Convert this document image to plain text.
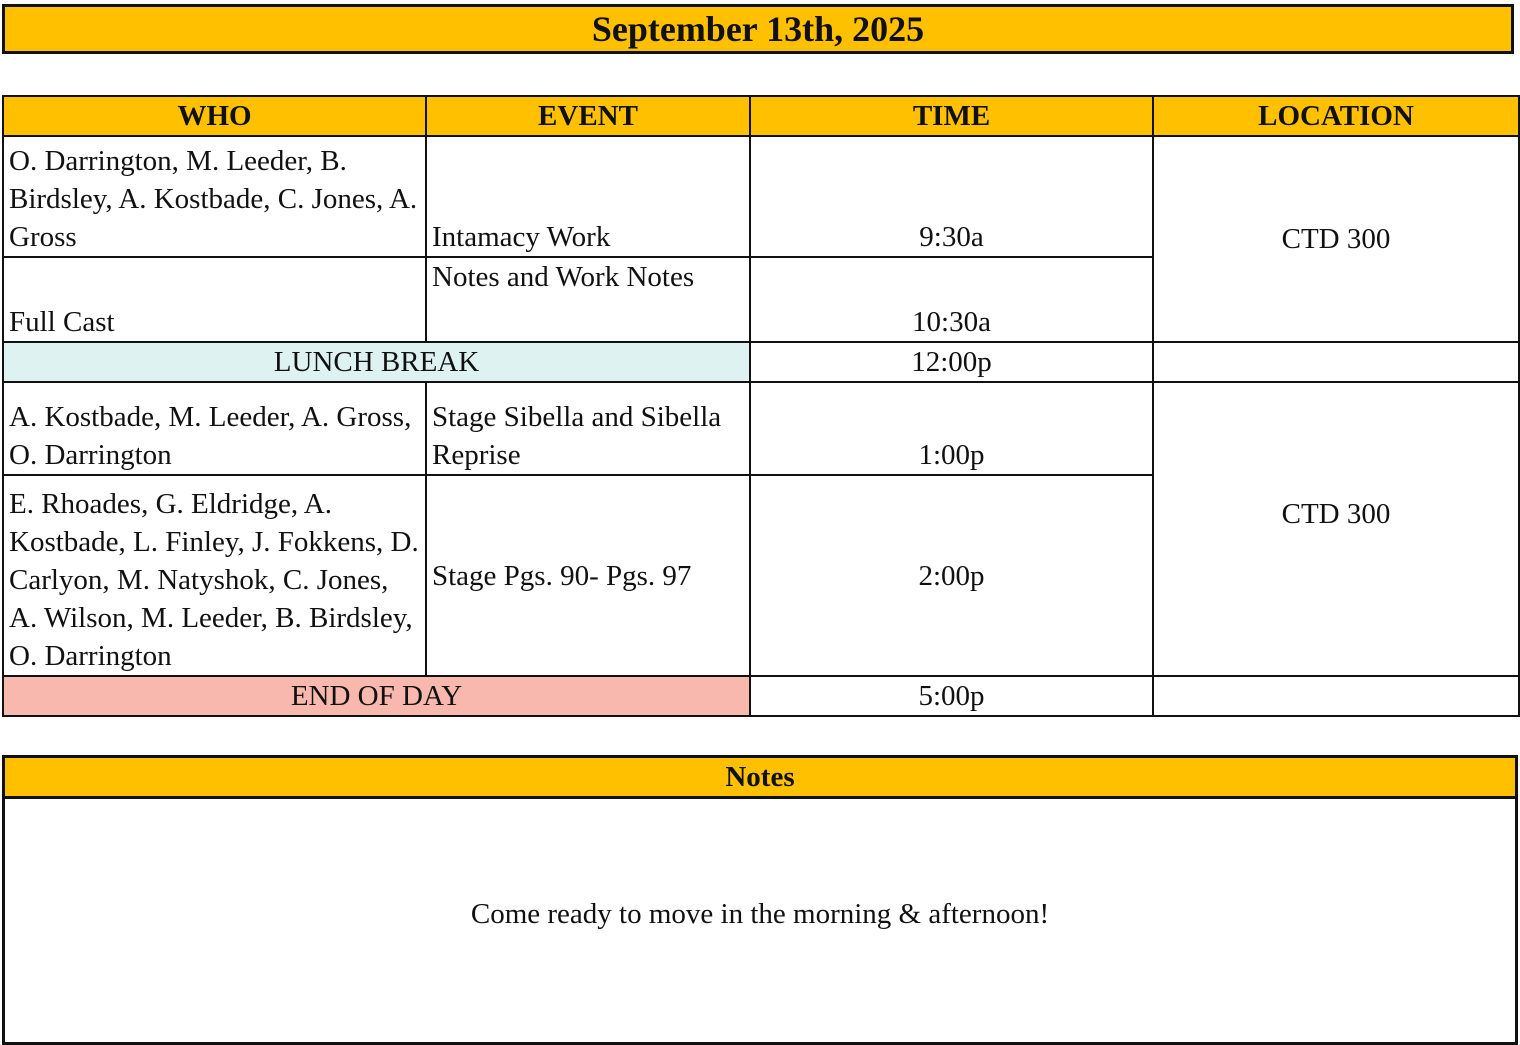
September 13th, 2025
WHO	EVENT	TIME	LOCATION
O. Darrington, M. Leeder, B. Birdsley, A. Kostbade, C. Jones, A. Gross	Intamacy Work	9:30a	CTD 300
Full Cast	Notes and Work Notes	10:30a	
LUNCH BREAK		12:00p	
A. Kostbade, M. Leeder, A. Gross, O. Darrington	Stage Sibella and Sibella Reprise	1:00p	CTD 300
E. Rhoades, G. Eldridge, A. Kostbade, L. Finley, J. Fokkens, D. Carlyon, M. Natyshok, C. Jones, A. Wilson, M. Leeder, B. Birdsley, O. Darrington	Stage Pgs. 90- Pgs. 97	2:00p	
END OF DAY		5:00p	
Notes
Come ready to move in the morning & afternoon!
